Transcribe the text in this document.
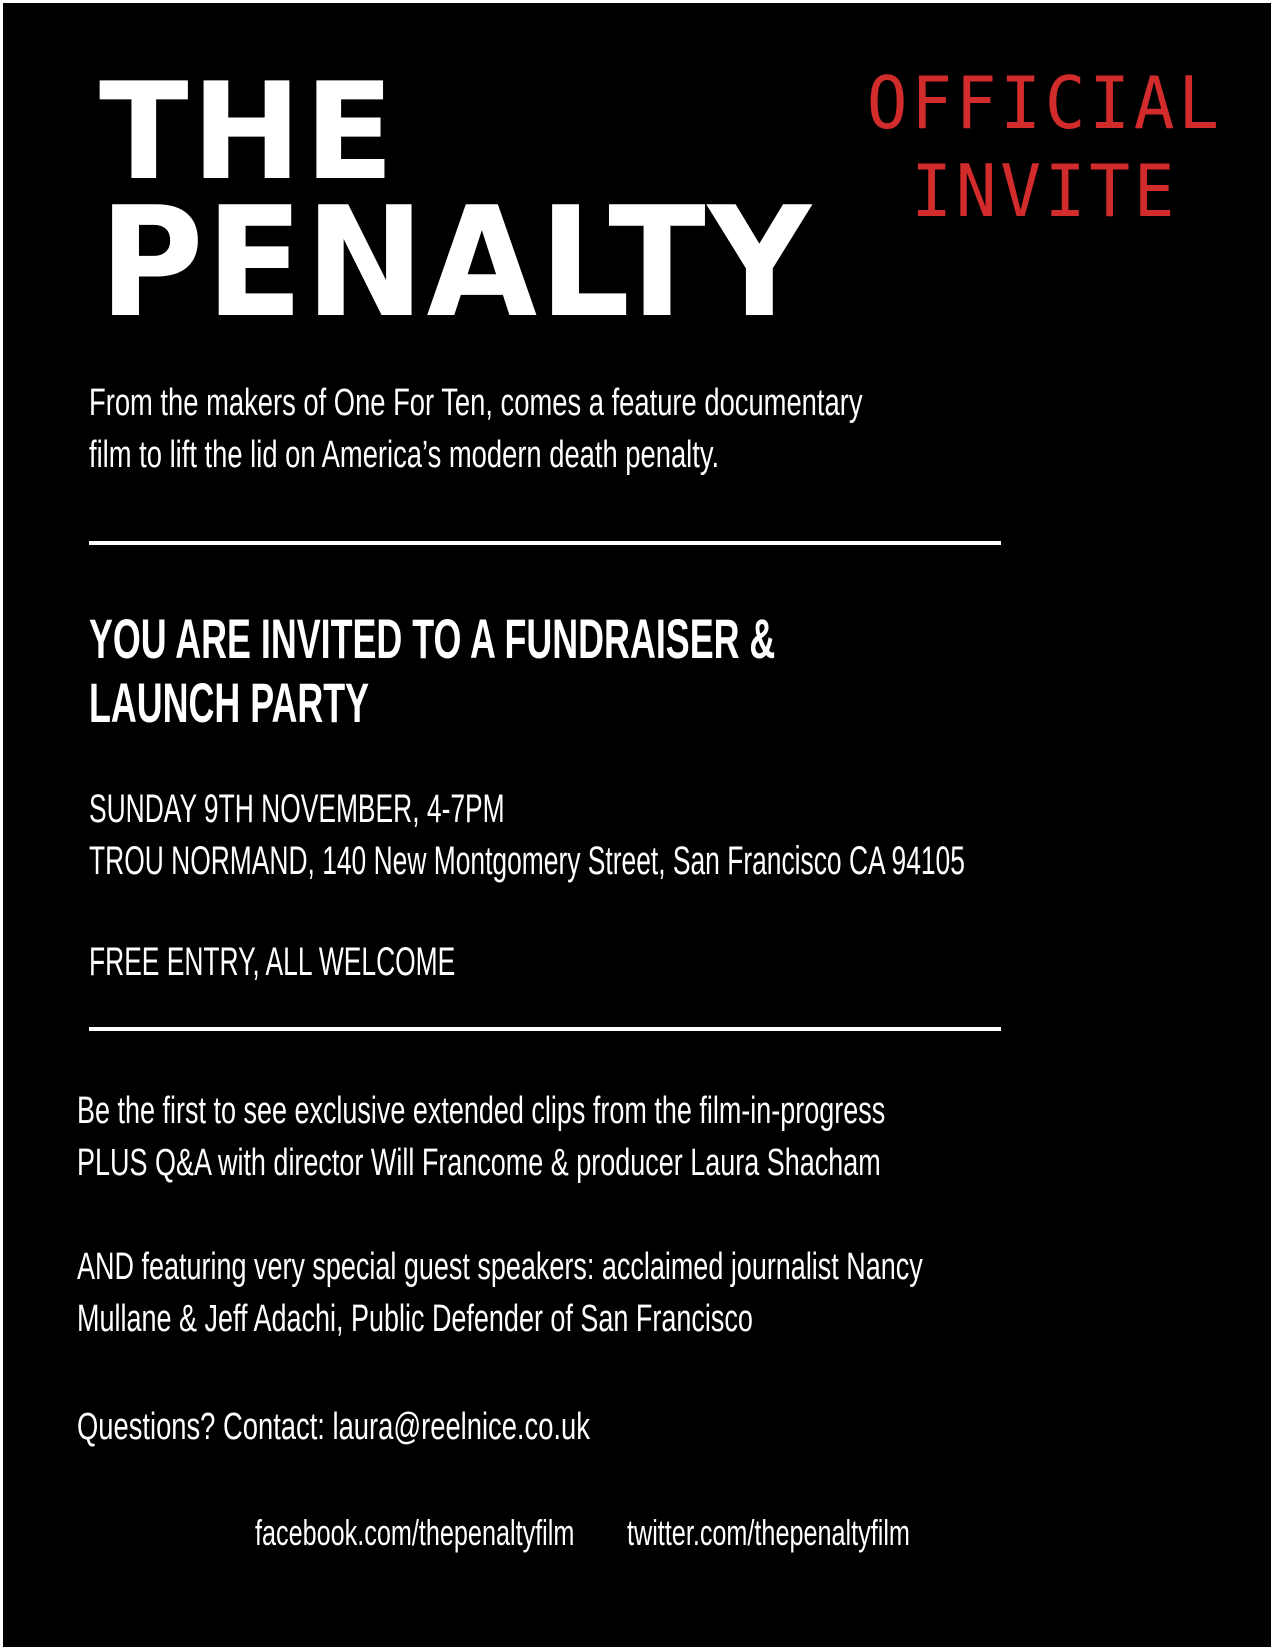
THE
PENALTY
OFFICIAL
INVITE

From the makers of One For Ten, comes a feature documentary
film to lift the lid on America’s modern death penalty.

YOU ARE INVITED TO A FUNDRAISER &
LAUNCH PARTY

SUNDAY 9TH NOVEMBER, 4-7PM
TROU NORMAND, 140 New Montgomery Street, San Francisco CA 94105

FREE ENTRY, ALL WELCOME

Be the first to see exclusive extended clips from the film-in-progress
PLUS Q&A with director Will Francome & producer Laura Shacham

AND featuring very special guest speakers: acclaimed journalist Nancy
Mullane & Jeff Adachi, Public Defender of San Francisco

Questions? Contact: laura@reelnice.co.uk

facebook.com/thepenaltyfilm twitter.com/thepenaltyfilm
